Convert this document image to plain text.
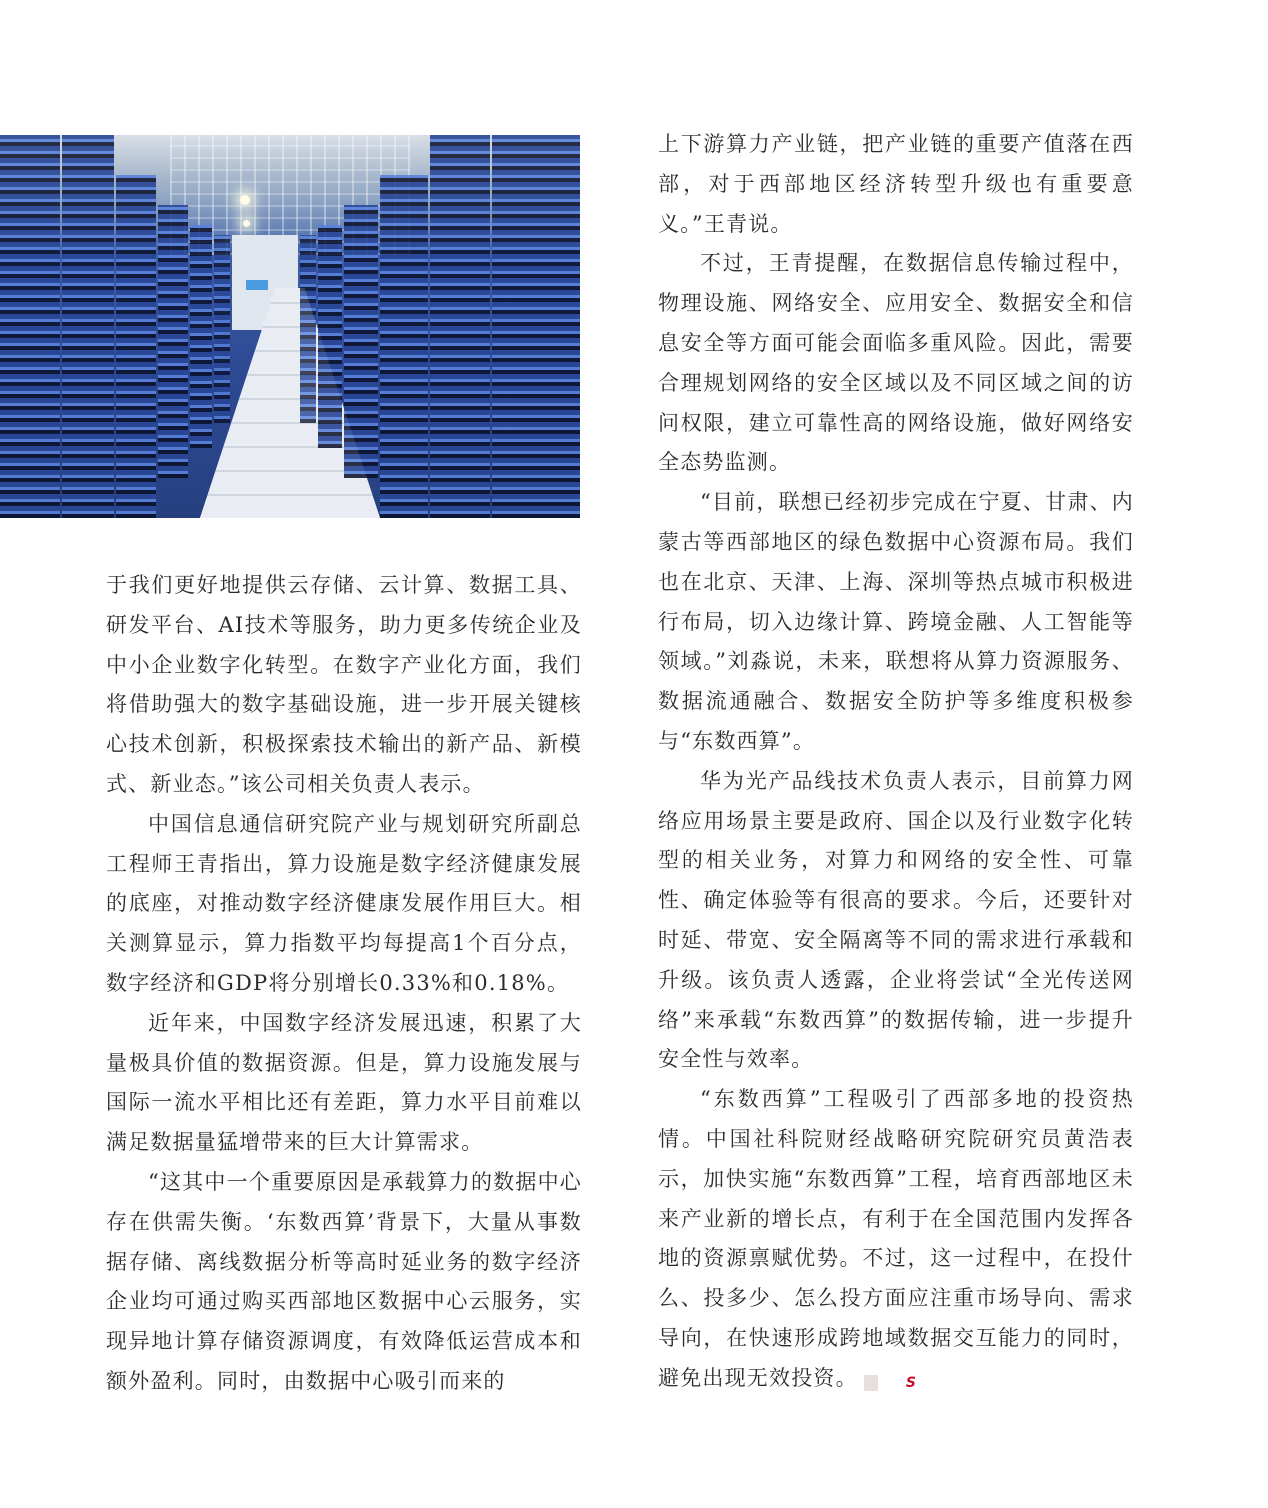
于我们更好地提供云存储、云计算、数据工具、研发平台、AI技术等服务，助力更多传统企业及中小企业数字化转型。在数字产业化方面，我们将借助强大的数字基础设施，进一步开展关键核心技术创新，积极探索技术输出的新产品、新模式、新业态。”该公司相关负责人表示。

中国信息通信研究院产业与规划研究所副总工程师王青指出，算力设施是数字经济健康发展的底座，对推动数字经济健康发展作用巨大。相关测算显示，算力指数平均每提高1个百分点，数字经济和GDP将分别增长0.33%和0.18%。

近年来，中国数字经济发展迅速，积累了大量极具价值的数据资源。但是，算力设施发展与国际一流水平相比还有差距，算力水平目前难以满足数据量猛增带来的巨大计算需求。

“这其中一个重要原因是承载算力的数据中心存在供需失衡。‘东数西算’背景下，大量从事数据存储、离线数据分析等高时延业务的数字经济企业均可通过购买西部地区数据中心云服务，实现异地计算存储资源调度，有效降低运营成本和额外盈利。同时，由数据中心吸引而来的

上下游算力产业链，把产业链的重要产值落在西部，对于西部地区经济转型升级也有重要意义。”王青说。

不过，王青提醒，在数据信息传输过程中，物理设施、网络安全、应用安全、数据安全和信息安全等方面可能会面临多重风险。因此，需要合理规划网络的安全区域以及不同区域之间的访问权限，建立可靠性高的网络设施，做好网络安全态势监测。

“目前，联想已经初步完成在宁夏、甘肃、内蒙古等西部地区的绿色数据中心资源布局。我们也在北京、天津、上海、深圳等热点城市积极进行布局，切入边缘计算、跨境金融、人工智能等领域。”刘淼说，未来，联想将从算力资源服务、数据流通融合、数据安全防护等多维度积极参与“东数西算”。

华为光产品线技术负责人表示，目前算力网络应用场景主要是政府、国企以及行业数字化转型的相关业务，对算力和网络的安全性、可靠性、确定体验等有很高的要求。今后，还要针对时延、带宽、安全隔离等不同的需求进行承载和升级。该负责人透露，企业将尝试“全光传送网络”来承载“东数西算”的数据传输，进一步提升安全性与效率。

“东数西算”工程吸引了西部多地的投资热情。中国社科院财经战略研究院研究员黄浩表示，加快实施“东数西算”工程，培育西部地区未来产业新的增长点，有利于在全国范围内发挥各地的资源禀赋优势。不过，这一过程中，在投什么、投多少、怎么投方面应注重市场导向、需求导向，在快速形成跨地域数据交互能力的同时，避免出现无效投资。	S
